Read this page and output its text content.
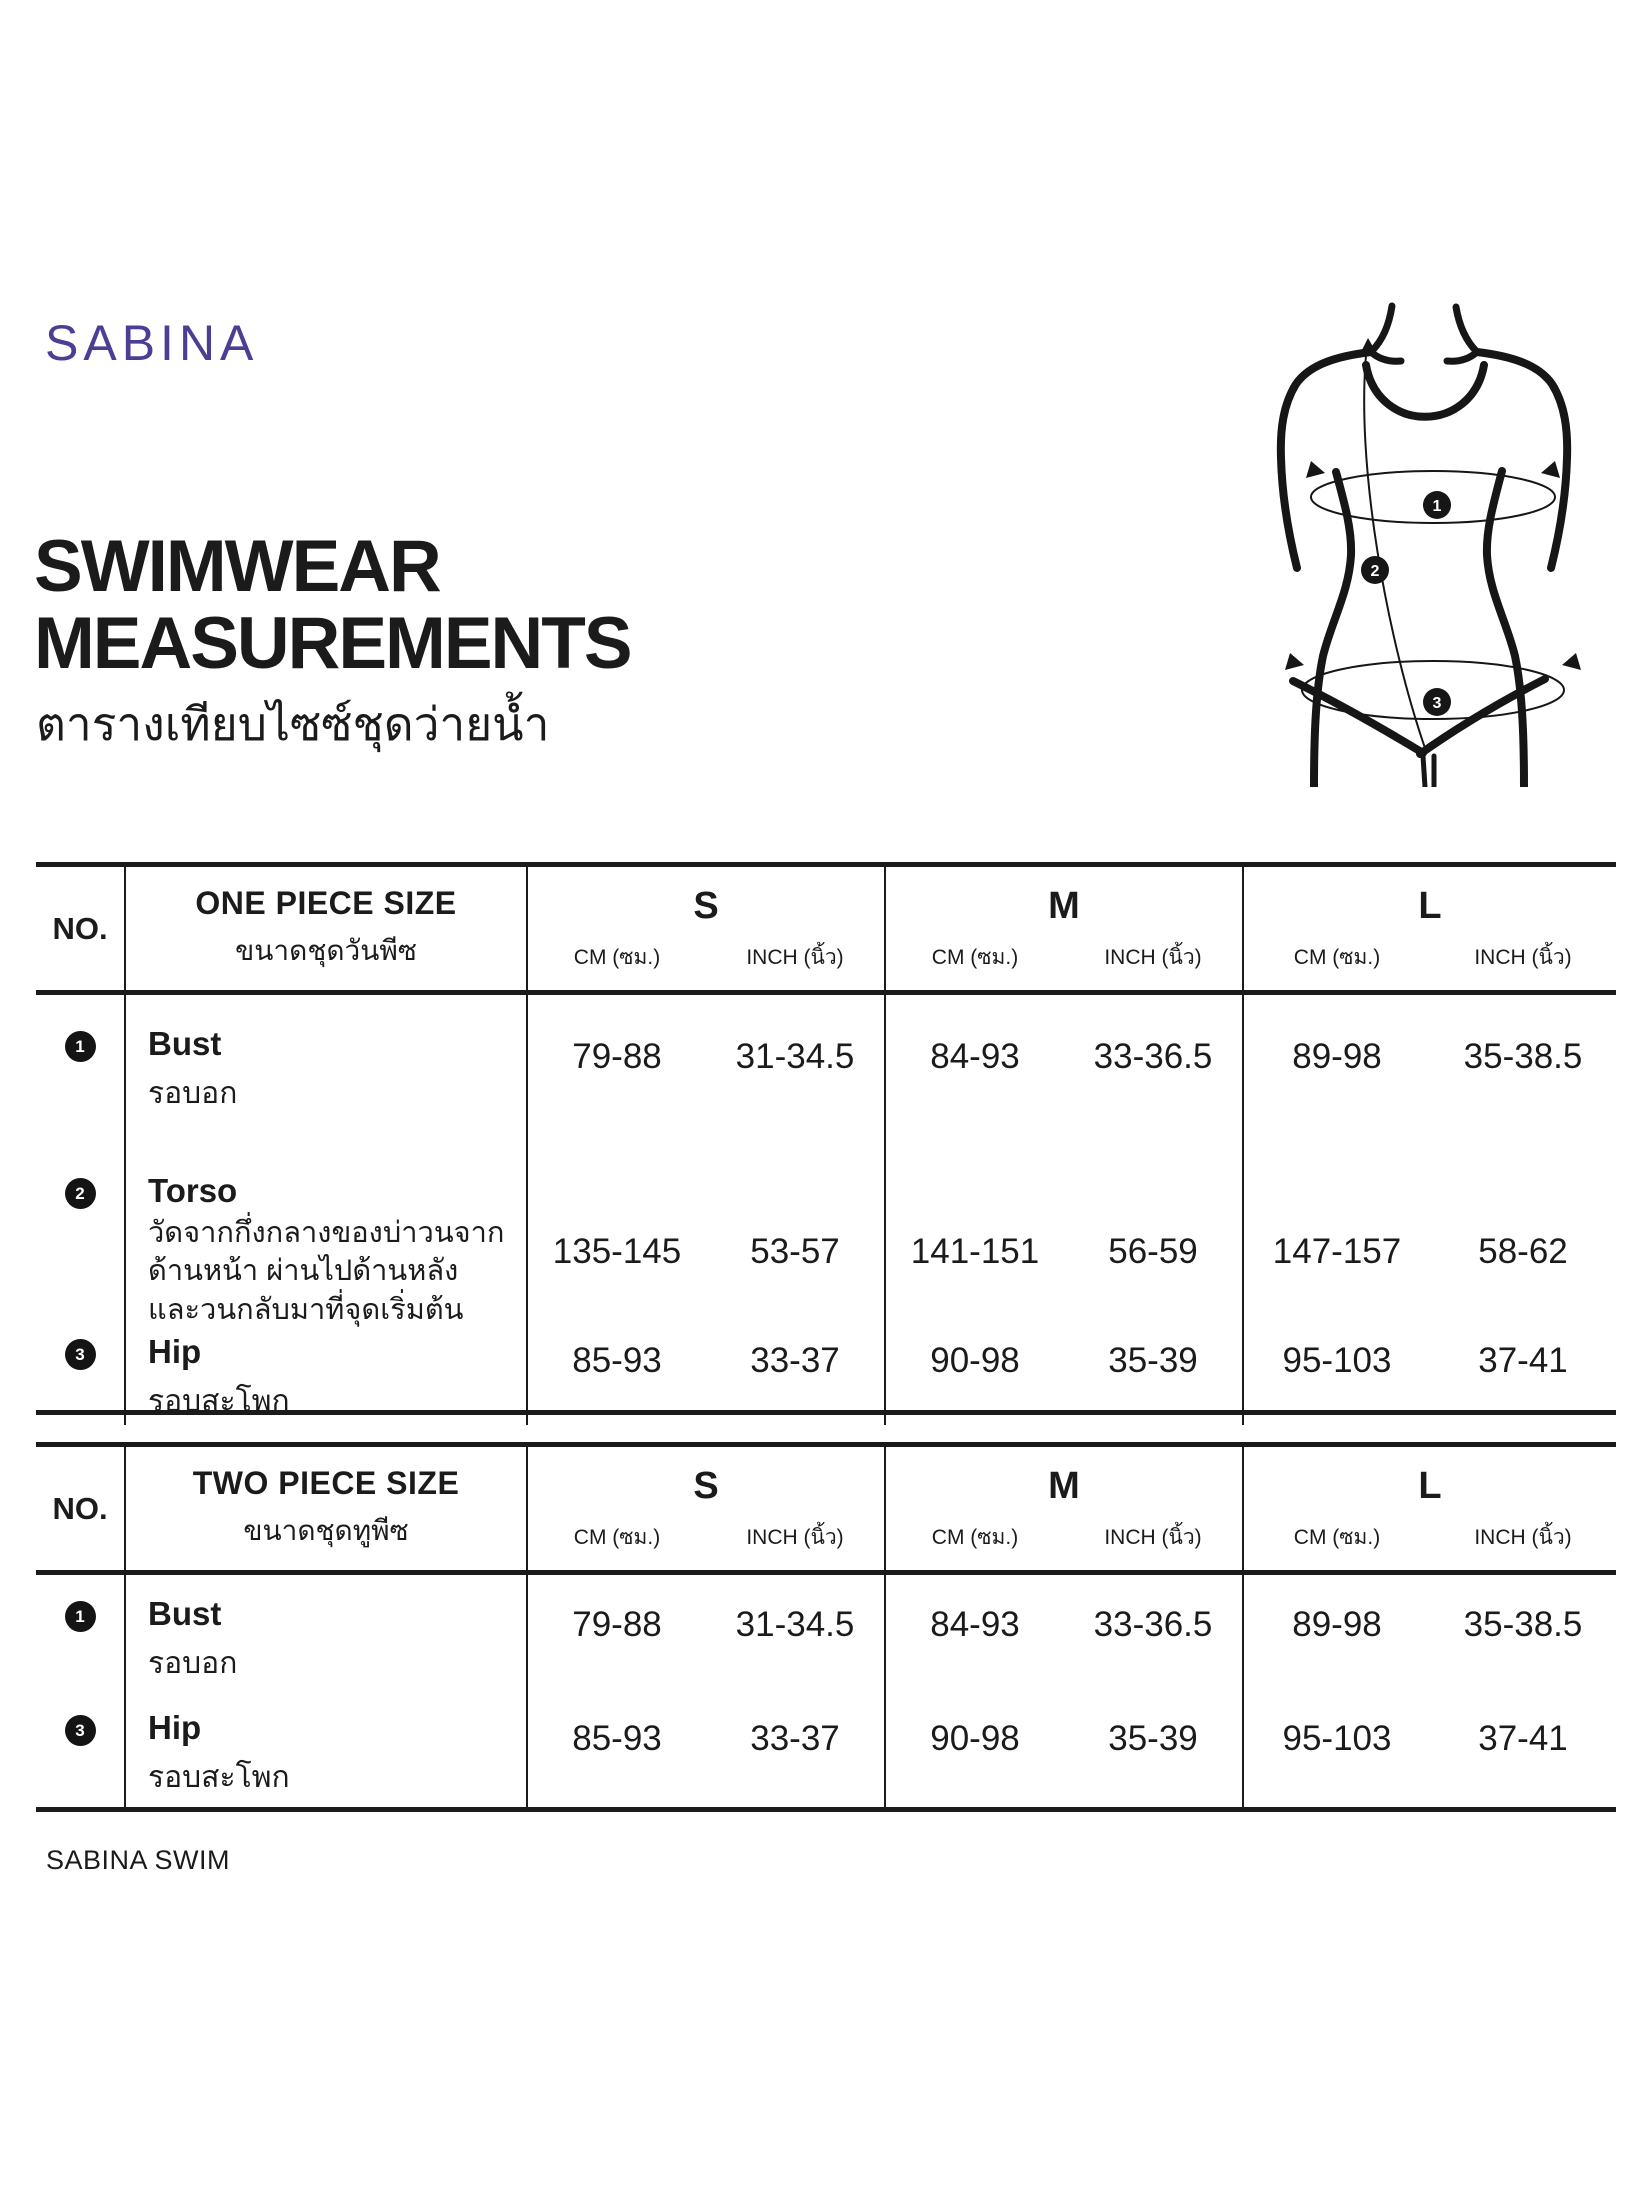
SABINA
SWIMWEAR
MEASUREMENTS
ตารางเทียบไซซ์ชุดว่ายน้ำ
1
2
3
NO.
ONE PIECE SIZE
ขนาดชุดวันพีซ
S
CM (ซม.)	INCH (นิ้ว)
M
CM (ซม.)	INCH (นิ้ว)
L
CM (ซม.)	INCH (นิ้ว)
1	Bust
รอบอก
79-88	31-34.5	84-93	33-36.5	89-98	35-38.5
2	Torso
วัดจากกึ่งกลางของบ่าวนจาก
ด้านหน้า ผ่านไปด้านหลัง
และวนกลับมาที่จุดเริ่มต้น
135-145	53-57	141-151	56-59	147-157	58-62
3	Hip
รอบสะโพก
85-93	33-37	90-98	35-39	95-103	37-41
NO.
TWO PIECE SIZE
ขนาดชุดทูพีซ
S
CM (ซม.)	INCH (นิ้ว)
M
CM (ซม.)	INCH (นิ้ว)
L
CM (ซม.)	INCH (นิ้ว)
1	Bust
รอบอก
79-88	31-34.5	84-93	33-36.5	89-98	35-38.5
3	Hip
รอบสะโพก
85-93	33-37	90-98	35-39	95-103	37-41
SABINA SWIM
